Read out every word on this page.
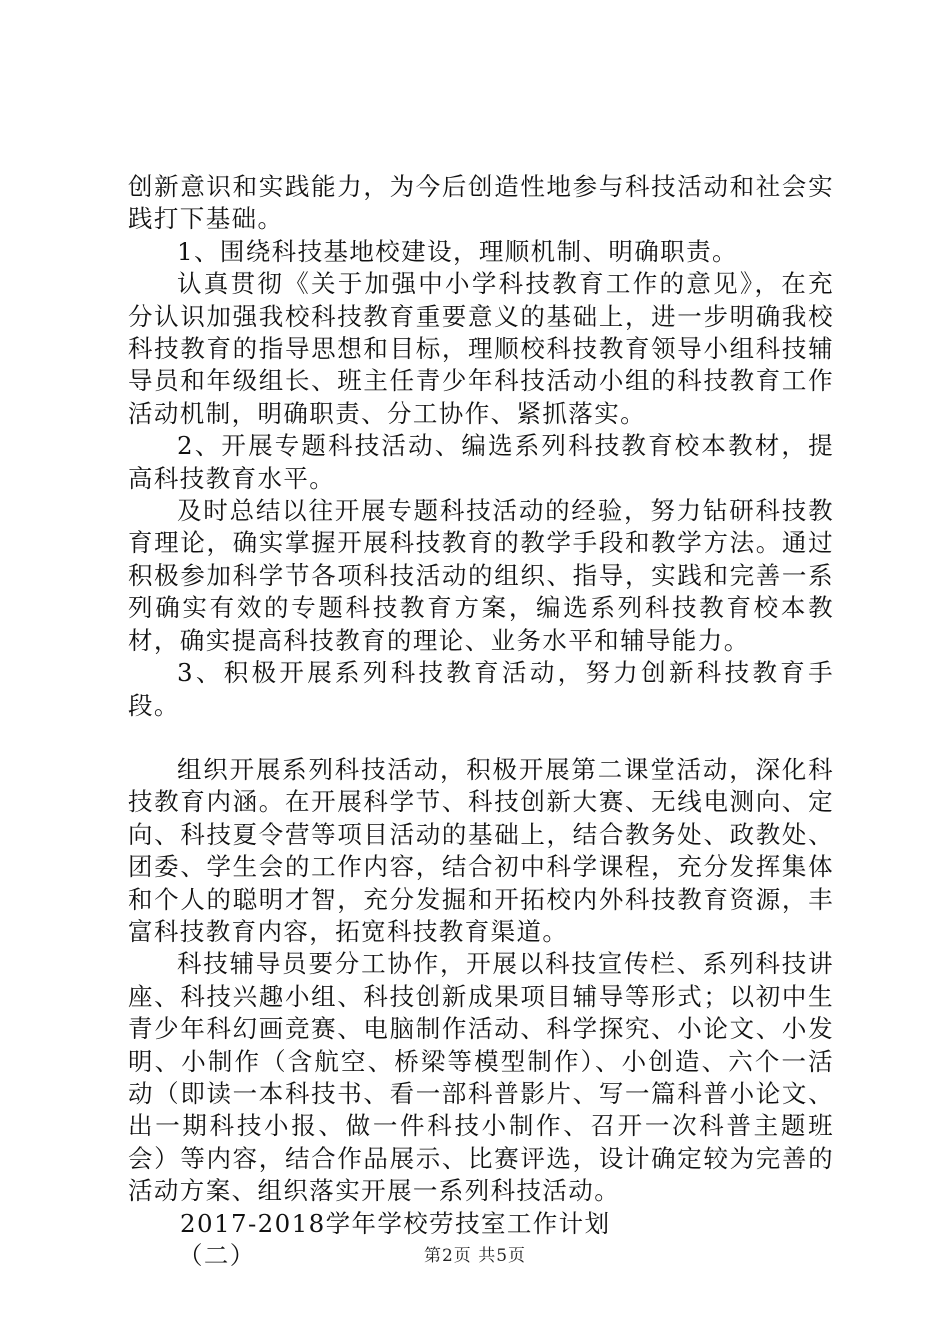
创新意识和实践能力，为今后创造性地参与科技活动和社会实践打下基础。

1、围绕科技基地校建设，理顺机制、明确职责。

认真贯彻《关于加强中小学科技教育工作的意见》，在充分认识加强我校科技教育重要意义的基础上，进一步明确我校科技教育的指导思想和目标，理顺校科技教育领导小组科技辅导员和年级组长、班主任青少年科技活动小组的科技教育工作活动机制，明确职责、分工协作、紧抓落实。

2、开展专题科技活动、编选系列科技教育校本教材，提高科技教育水平。

及时总结以往开展专题科技活动的经验，努力钻研科技教育理论，确实掌握开展科技教育的教学手段和教学方法。通过积极参加科学节各项科技活动的组织、指导，实践和完善一系列确实有效的专题科技教育方案，编选系列科技教育校本教材，确实提高科技教育的理论、业务水平和辅导能力。

3、积极开展系列科技教育活动，努力创新科技教育手段。

组织开展系列科技活动，积极开展第二课堂活动，深化科技教育内涵。在开展科学节、科技创新大赛、无线电测向、定向、科技夏令营等项目活动的基础上，结合教务处、政教处、团委、学生会的工作内容，结合初中科学课程，充分发挥集体和个人的聪明才智，充分发掘和开拓校内外科技教育资源，丰富科技教育内容，拓宽科技教育渠道。

科技辅导员要分工协作，开展以科技宣传栏、系列科技讲座、科技兴趣小组、科技创新成果项目辅导等形式；以初中生青少年科幻画竞赛、电脑制作活动、科学探究、小论文、小发明、小制作（含航空、桥梁等模型制作）、小创造、六个一活动（即读一本科技书、看一部科普影片、写一篇科普小论文、出一期科技小报、做一件科技小制作、召开一次科普主题班会）等内容，结合作品展示、比赛评选，设计确定较为完善的活动方案、组织落实开展一系列科技活动。

2017-2018学年学校劳技室工作计划

（二）	第2页 共5页
